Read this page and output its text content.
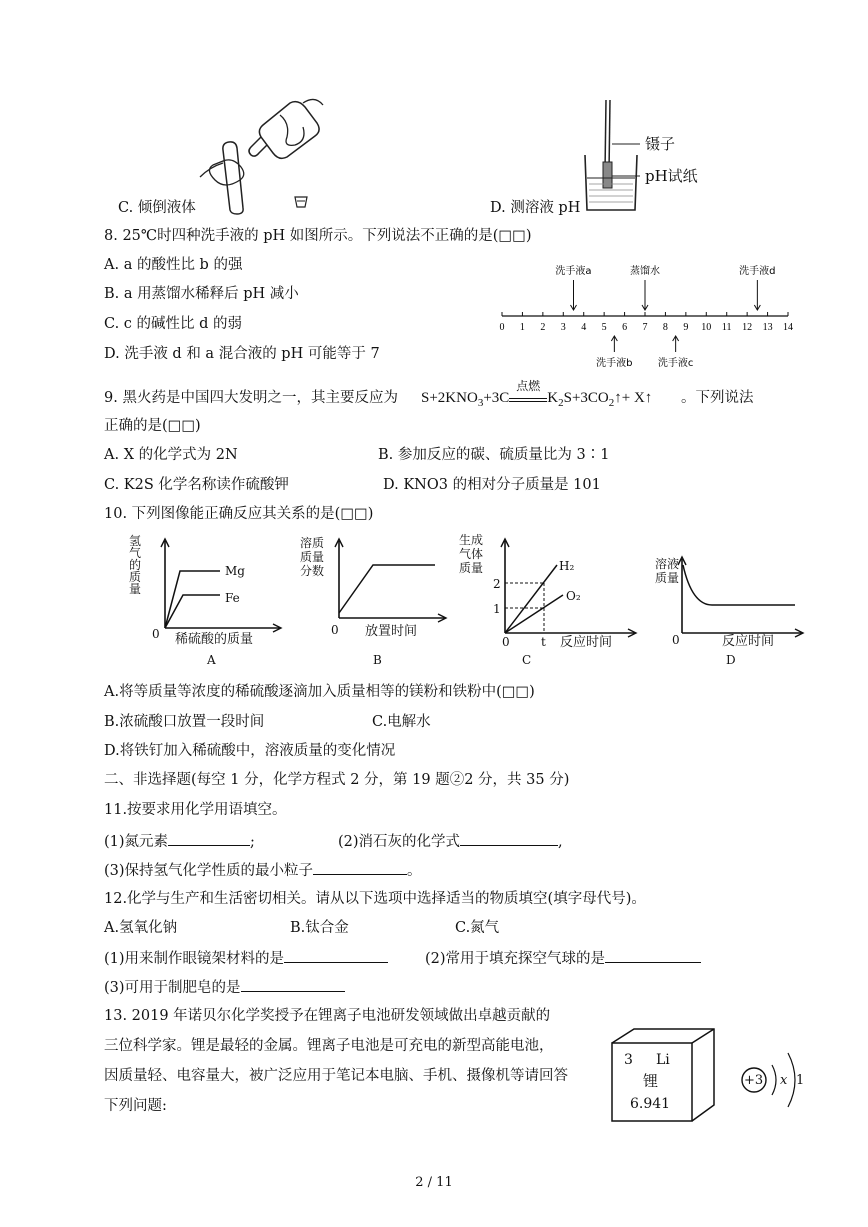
C. 倾倒液体
镊子
pH试纸
D. 测溶液 pH
8. 25℃时四种洗手液的 pH 如图所示。下列说法不正确的是(□□)
A. a 的酸性比 b 的强
B. a 用蒸馏水稀释后 pH 减小
C. c 的碱性比 d 的弱
D. 洗手液 d 和 a 混合液的 pH 可能等于 7
0 1 2 3 4 5 6 7 8 9 10 11 12 13 14
洗手液a	蒸馏水	洗手液d
洗手液b	洗手液c
9. 黑火药是中国四大发明之一，其主要反应为 $S+2KNO_3+3C$
点燃
$K_2S+3CO_2↑+$ X↑ 。下列说法
正确的是(□□)
A. X 的化学式为 2N	B. 参加反应的碳、硫质量比为 3∶1
C. K2S 化学名称读作硫酸钾	D. KNO3 的相对分子质量是 101
10. 下列图像能正确反应其关系的是(□□)
氢
气
的
质
量
Mg
Fe
0 稀硫酸的质量
A
溶质
质量
分数
0 放置时间
B
生成
气体
质量
2
1
H₂
O₂
0	t 反应时间
C
溶液
质量
0	反应时间
D
A.将等质量等浓度的稀硫酸逐滴加入质量相等的镁粉和铁粉中(□□)
B.浓硫酸口放置一段时间	C.电解水
D.将铁钉加入稀硫酸中，溶液质量的变化情况
二、非选择题(每空 1 分，化学方程式 2 分，第 19 题②2 分，共 35 分)
11.按要求用化学用语填空。
(1)氮元素	;	(2)消石灰的化学式	,
(3)保持氢气化学性质的最小粒子	。
12.化学与生产和生活密切相关。请从以下选项中选择适当的物质填空(填字母代号)。
A.氢氧化钠	B.钛合金	C.氮气
(1)用来制作眼镜架材料的是	(2)常用于填充探空气球的是
(3)可用于制肥皂的是
13. 2019 年诺贝尔化学奖授予在锂离子电池研发领域做出卓越贡献的
三位科学家。锂是最轻的金属。锂离子电池是可充电的新型高能电池，
因质量轻、电容量大，被广泛应用于笔记本电脑、手机、摄像机等请回答
下列问题:
3 Li
锂
6.941
+3 x 1
2 / 11
